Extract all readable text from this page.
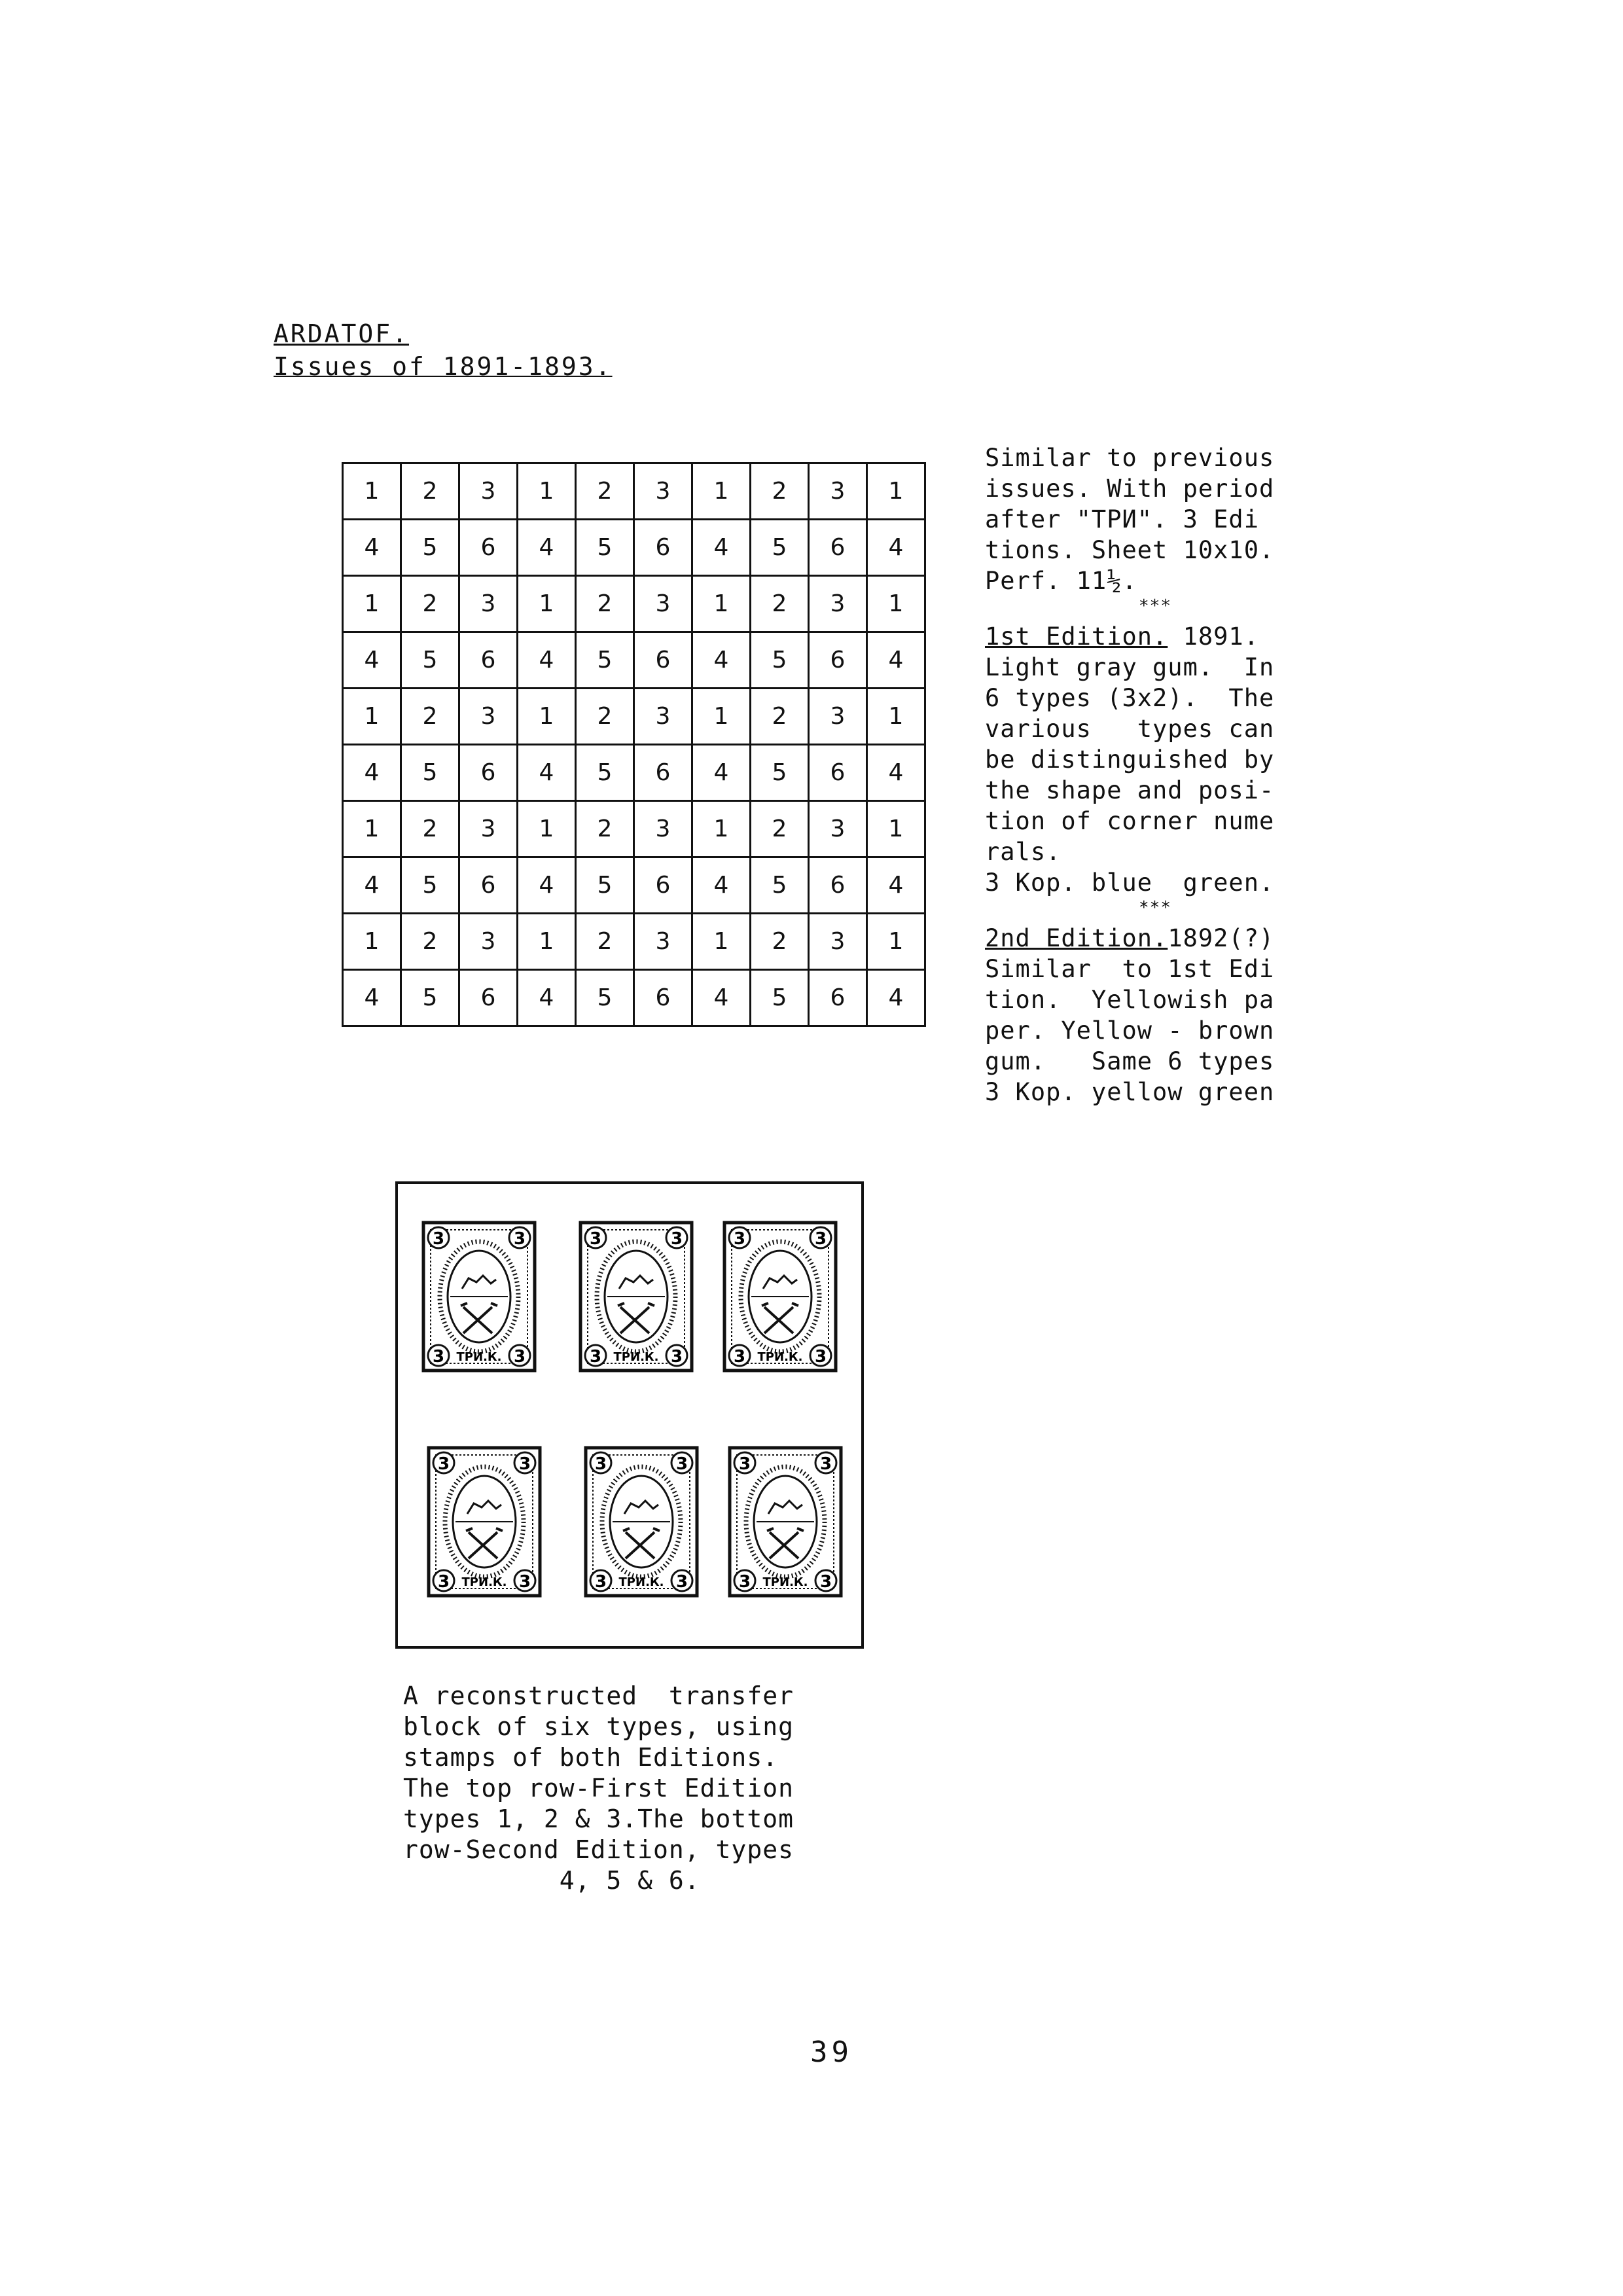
ARDATOF.
Issues of 1891-1893.
1	2	3	1	2	3	1	2	3	1
4	5	6	4	5	6	4	5	6	4
1	2	3	1	2	3	1	2	3	1
4	5	6	4	5	6	4	5	6	4
1	2	3	1	2	3	1	2	3	1
4	5	6	4	5	6	4	5	6	4
1	2	3	1	2	3	1	2	3	1
4	5	6	4	5	6	4	5	6	4
1	2	3	1	2	3	1	2	3	1
4	5	6	4	5	6	4	5	6	4

Similar to previous

issues. With period

after "ТРИ". 3 Edi

tions. Sheet 10x10.

Perf. 11½.

***

1st Edition. 1891.

Light gray gum.  In

6 types (3x2).  The

various   types can

be distinguished by

the shape and posi-

tion of corner nume

rals.

3 Kop. blue  green.

***

2nd Edition.1892(?)

Similar  to 1st Edi

tion.  Yellowish pa

per. Yellow - brown

gum.   Same 6 types

3 Kop. yellow green

3	3
3	3
ТРИ.К.
3	3
3	3
ТРИ.К.
3	3
3	3
ТРИ.К.
3	3
3	3
ТРИ.К.
3	3
3	3
ТРИ.К.
3	3
3	3
ТРИ.К.

A reconstructed  transfer

block of six types, using

stamps of both Editions.

The top row-First Edition

types 1, 2 & 3.The bottom

row-Second Edition, types

4, 5 & 6.

39
